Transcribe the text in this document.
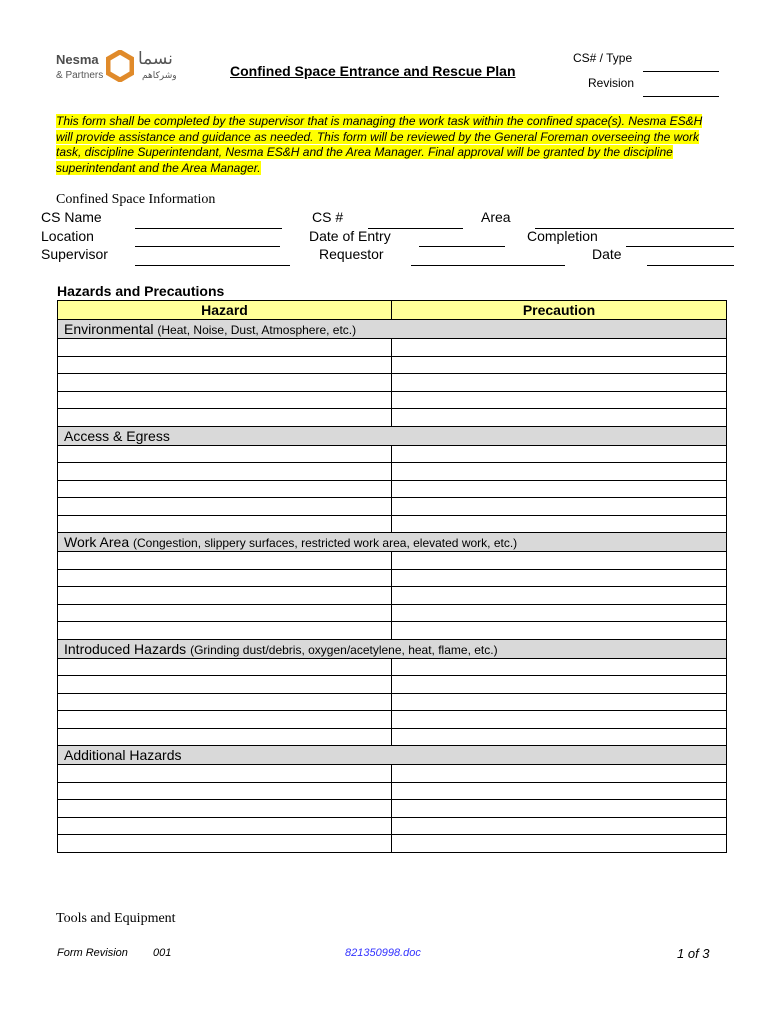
Nesma
& Partners
نسما
وشركاهم	Confined Space Entrance and Rescue Plan
CS# / Type
Revision
This form shall be completed by the supervisor that is managing the work task within the confined space(s). Nesma ES&H will provide assistance and guidance as needed. This form will be reviewed by the General Foreman overseeing the work task, discipline Superintendant, Nesma ES&H and the Area Manager. Final approval will be granted by the discipline superintendant and the Area Manager.
Confined Space Information
CS Name	CS #	Area
Location	Date of Entry	Completion
Supervisor	Requestor	Date
Hazards and Precautions
Hazard	Precaution
Environmental (Heat, Noise, Dust, Atmosphere, etc.)	

Access & Egress	

Work Area (Congestion, slippery surfaces, restricted work area, elevated work, etc.)	

Introduced Hazards (Grinding dust/debris, oxygen/acetylene, heat, flame, etc.)	

Additional Hazards	

Tools and Equipment
Form Revision 001	821350998.doc	1 of 3
